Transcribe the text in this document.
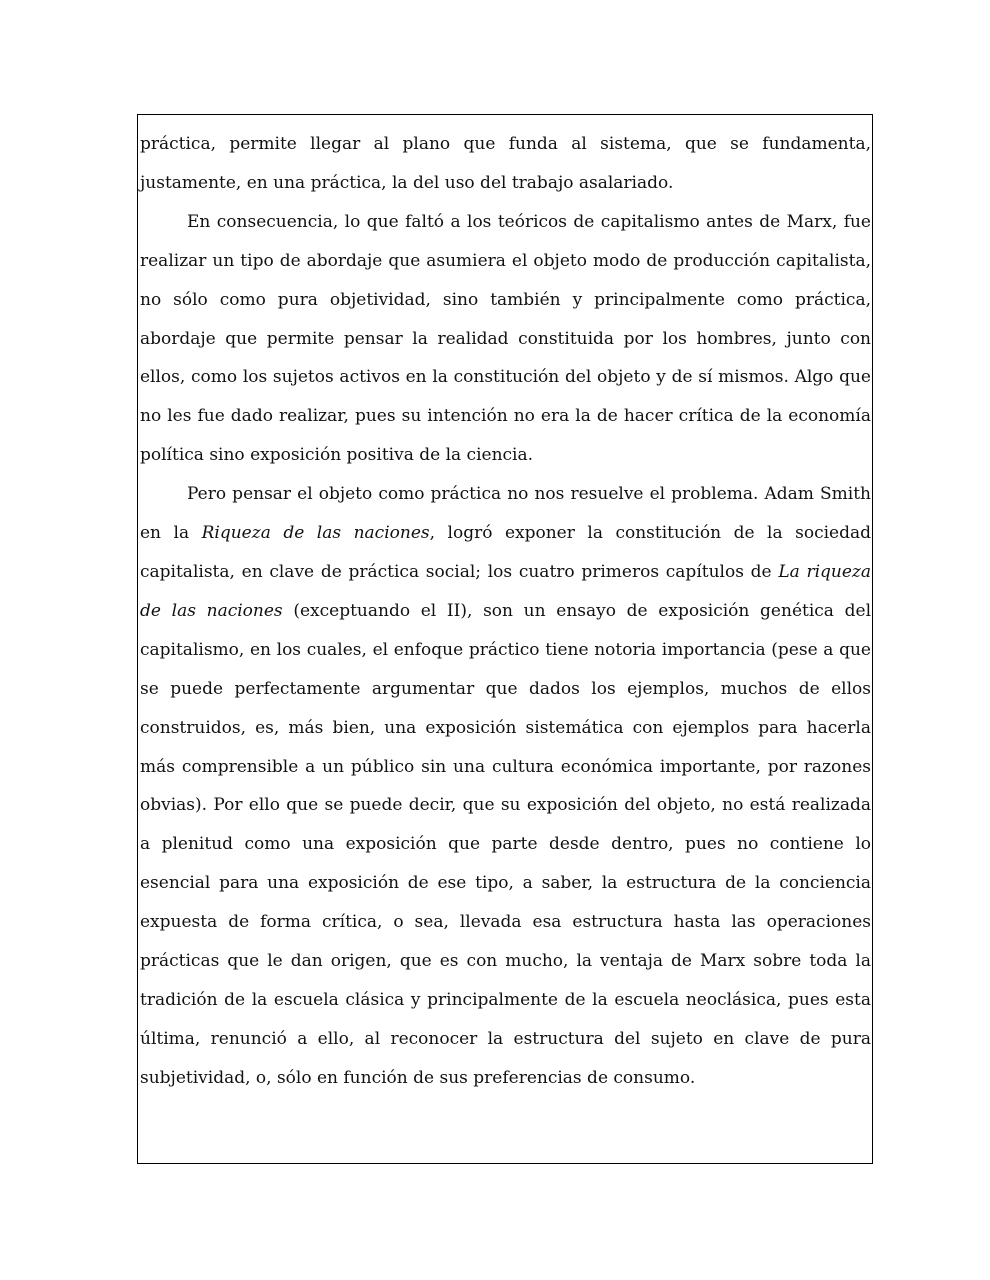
práctica, permite llegar al plano que funda al sistema, que se fundamenta, justamente, en una práctica, la del uso del trabajo asalariado.

En consecuencia, lo que faltó a los teóricos de capitalismo antes de Marx, fue realizar un tipo de abordaje que asumiera el objeto modo de producción capitalista, no sólo como pura objetividad, sino también y principalmente como práctica, abordaje que permite pensar la realidad constituida por los hombres, junto con ellos, como los sujetos activos en la constitución del objeto y de sí mismos. Algo que no les fue dado realizar, pues su intención no era la de hacer crítica de la economía política sino exposición positiva de la ciencia.

Pero pensar el objeto como práctica no nos resuelve el problema. Adam Smith en la Riqueza de las naciones, logró exponer la constitución de la sociedad capitalista, en clave de práctica social; los cuatro primeros capítulos de La riqueza de las naciones (exceptuando el II), son un ensayo de exposición genética del capitalismo, en los cuales, el enfoque práctico tiene notoria importancia (pese a que se puede perfectamente argumentar que dados los ejemplos, muchos de ellos construidos, es, más bien, una exposición sistemática con ejemplos para hacerla más comprensible a un público sin una cultura económica importante, por razones obvias). Por ello que se puede decir, que su exposición del objeto, no está realizada a plenitud como una exposición que parte desde dentro, pues no contiene lo esencial para una exposición de ese tipo, a saber, la estructura de la conciencia expuesta de forma crítica, o sea, llevada esa estructura hasta las operaciones prácticas que le dan origen, que es con mucho, la ventaja de Marx sobre toda la tradición de la escuela clásica y principalmente de la escuela neoclásica, pues esta última, renunció a ello, al reconocer la estructura del sujeto en clave de pura subjetividad, o, sólo en función de sus preferencias de consumo.
